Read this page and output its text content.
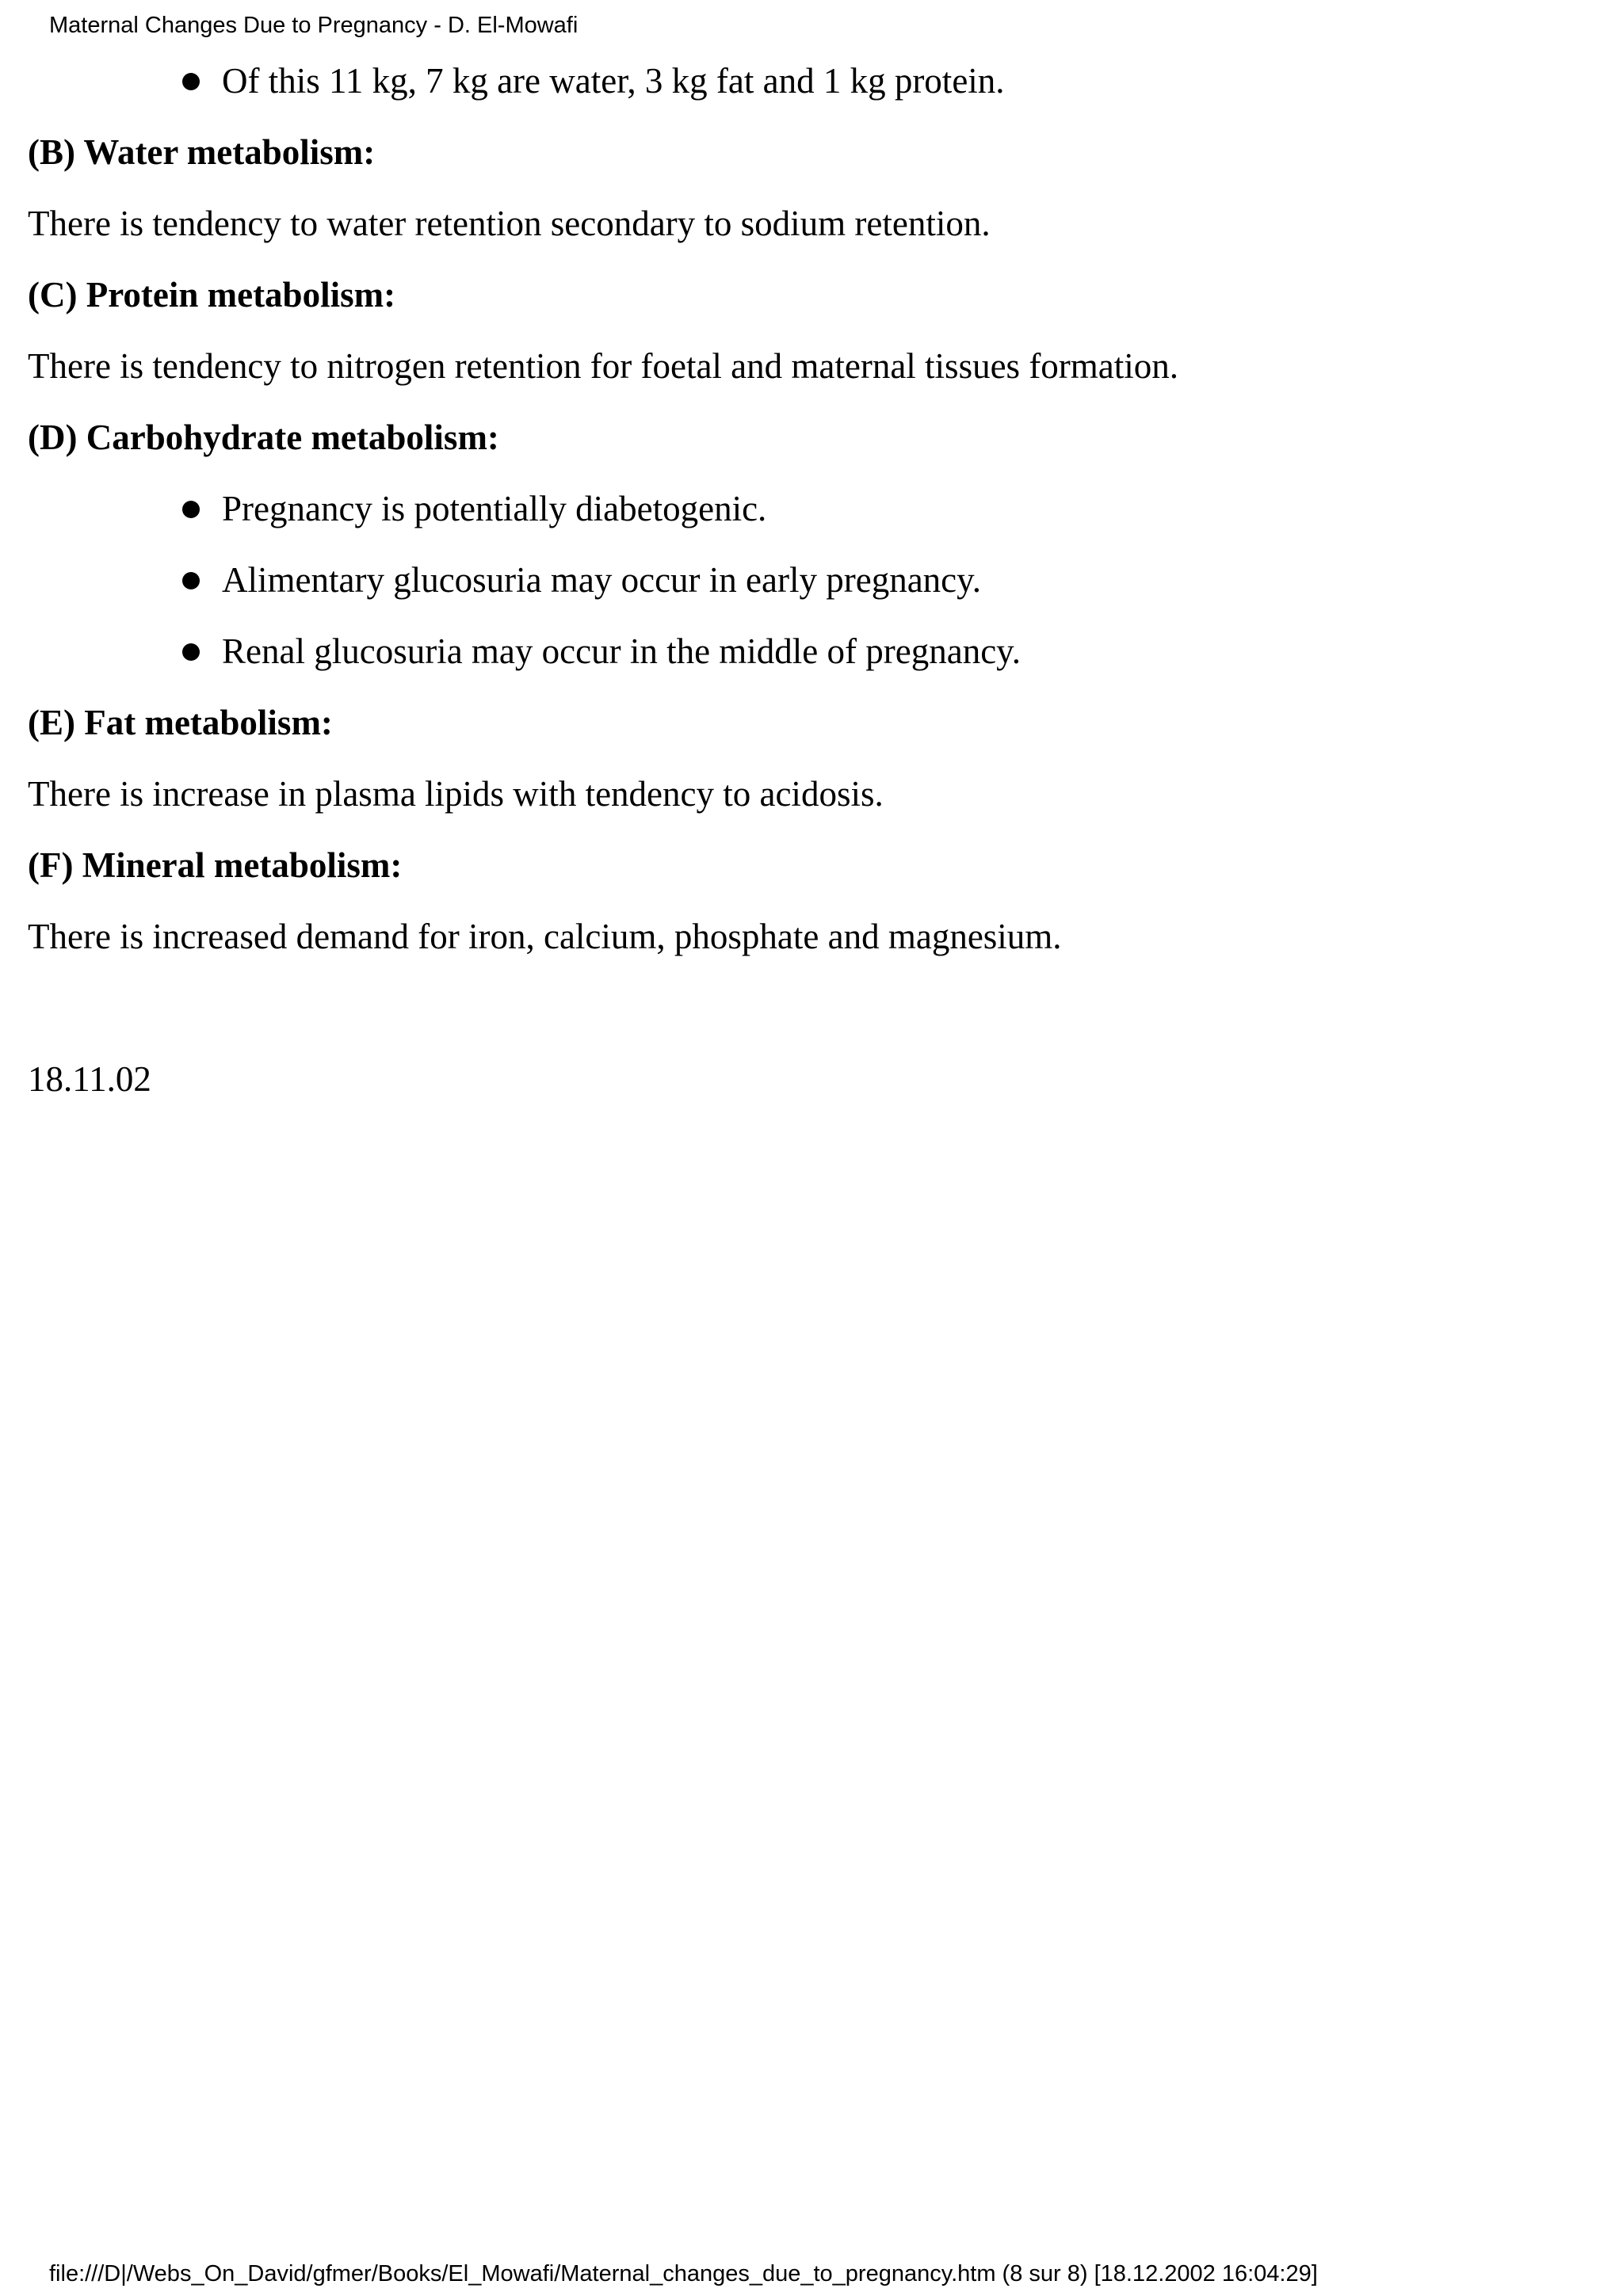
Maternal Changes Due to Pregnancy - D. El-Mowafi
Of this 11 kg, 7 kg are water, 3 kg fat and 1 kg protein.
(B) Water metabolism:
There is tendency to water retention secondary to sodium retention.
(C) Protein metabolism:
There is tendency to nitrogen retention for foetal and maternal tissues formation.
(D) Carbohydrate metabolism:
Pregnancy is potentially diabetogenic.
Alimentary glucosuria may occur in early pregnancy.
Renal glucosuria may occur in the middle of pregnancy.
(E) Fat metabolism:
There is increase in plasma lipids with tendency to acidosis.
(F) Mineral metabolism:
There is increased demand for iron, calcium, phosphate and magnesium.
18.11.02
file:///D|/Webs_On_David/gfmer/Books/El_Mowafi/Maternal_changes_due_to_pregnancy.htm (8 sur 8) [18.12.2002 16:04:29]
